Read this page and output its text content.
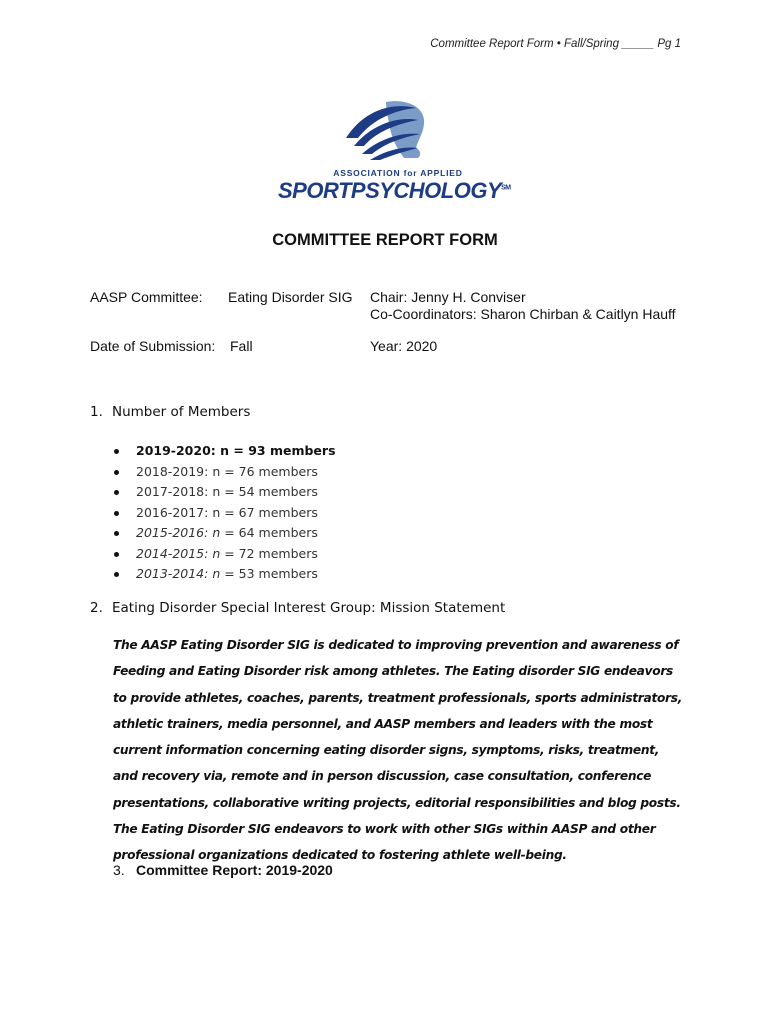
Committee Report Form • Fall/Spring _____ Pg 1
ASSOCIATION for APPLIED
SPORTPSYCHOLOGY℠
COMMITTEE REPORT FORM
AASP Committee: Eating Disorder SIG Chair: Jenny H. Conviser
Co-Coordinators: Sharon Chirban & Caitlyn Hauff
Date of Submission: Fall	Year: 2020
1. Number of Members
2019-2020: n = 93 members
2018-2019: n = 76 members
2017-2018: n = 54 members
2016-2017: n = 67 members
2015-2016: n = 64 members
2014-2015: n = 72 members
2013-2014: n = 53 members
2. Eating Disorder Special Interest Group: Mission Statement
The AASP Eating Disorder SIG is dedicated to improving prevention and awareness of Feeding and Eating Disorder risk among athletes. The Eating disorder SIG endeavors to provide athletes, coaches, parents, treatment professionals, sports administrators, athletic trainers, media personnel, and AASP members and leaders with the most current information concerning eating disorder signs, symptoms, risks, treatment, and recovery via, remote and in person discussion, case consultation, conference presentations, collaborative writing projects, editorial responsibilities and blog posts. The Eating Disorder SIG endeavors to work with other SIGs within AASP and other professional organizations dedicated to fostering athlete well-being.
3. Committee Report: 2019-2020
